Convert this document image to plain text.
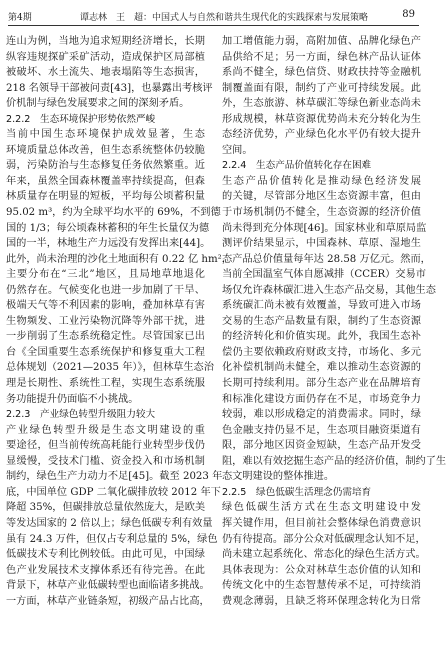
第4期	谭志林　王　超：中国式人与自然和谐共生现代化的实践探索与发展策略	89
连山为例，当地为追求短期经济增长，长期
纵容违规探矿采矿活动，造成保护区局部植
被破坏、水土流失、地表塌陷等生态损害，
218 名领导干部被问责[43]，也暴露出考核评
价机制与绿色发展要求之间的深刻矛盾。
2.2.2　生态环境保护形势依然严峻
当前中国生态环境保护成效显著，生态
环境质量总体改善，但生态系统整体仍较脆
弱，污染防治与生态修复任务依然繁重。近
年来，虽然全国森林覆盖率持续提高，但森
林质量存在明显的短板，平均每公顷蓄积量
95.02 m³，约为全球平均水平的 69%，不到德
国的 1/3；每公顷森林蓄积的年生长量仅为德
国的一半，林地生产力远没有发挥出来[44]。
此外，尚未治理的沙化土地面积有 0.22 亿 hm²，
主要分布在“三北”地区，且局地草地退化
仍然存在。气候变化也进一步加剧了干旱、
极端天气等不利因素的影响，叠加林草有害
生物频发、工业污染物沉降等外部干扰，进
一步削弱了生态系统稳定性。尽管国家已出
台《全国重要生态系统保护和修复重大工程
总体规划（2021—2035 年）》，但林草生态治
理是长期性、系统性工程，实现生态系统服
务功能提升仍面临不小挑战。
2.2.3　产业绿色转型升级阻力较大
产业绿色转型升级是生态文明建设的重
要途径，但当前传统高耗能行业转型步伐仍
显缓慢，受技术门槛、资金投入和市场机制
制约，绿色生产力动力不足[45]。截至 2023 年
底，中国单位 GDP 二氧化碳排放较 2012 年下
降超 35%，但碳排放总量依然庞大，是欧美
等发达国家的 2 倍以上；绿色低碳专利有效量
虽有 24.3 万件，但仅占专利总量的 5%，绿色
低碳技术专利比例较低。由此可见，中国绿
色产业发展技术支撑体系还有待完善。在此
背景下，林草产业低碳转型也面临诸多挑战。
一方面，林草产业链条短，初级产品占比高，
加工增值能力弱，高附加值、品牌化绿色产
品供给不足；另一方面，绿色林产品认证体
系尚不健全，绿色信贷、财政扶持等金融机
制覆盖面有限，制约了产业可持续发展。此
外，生态旅游、林草碳汇等绿色新业态尚未
形成规模，林草资源优势尚未充分转化为生
态经济优势，产业绿色化水平仍有较大提升
空间。
2.2.4　生态产品价值转化存在困难
生态产品价值转化是推动绿色经济发展
的关键，尽管部分地区生态资源丰富，但由
于市场机制仍不健全，生态资源的经济价值
尚未得到充分体现[46]。国家林业和草原局监
测评价结果显示，中国森林、草原、湿地生
态产品总价值量每年达 28.58 万亿元。然而，
当前全国温室气体自愿减排（CCER）交易市
场仅允许森林碳汇进入生态产品交易，其他生态
系统碳汇尚未被有效覆盖，导致可进入市场
交易的生态产品数量有限，制约了生态资源
的经济转化和价值实现。此外，我国生态补
偿仍主要依赖政府财政支持，市场化、多元
化补偿机制尚未健全，难以推动生态资源的
长期可持续利用。部分生态产业在品牌培育
和标准化建设方面仍存在不足，市场竞争力
较弱，难以形成稳定的消费需求。同时，绿
色金融支持仍显不足，生态项目融资渠道有
限，部分地区因资金短缺，生态产品开发受
阻，难以有效挖掘生态产品的经济价值，制约了生
态文明建设的整体推进。
2.2.5　绿色低碳生活理念仍需培育
绿色低碳生活方式在生态文明建设中发
挥关键作用，但目前社会整体绿色消费意识
仍有待提高。部分公众对低碳理念认知不足，
尚未建立起系统化、常态化的绿色生活方式。
具体表现为：公众对林草生态价值的认知和
传统文化中的生态智慧传承不足，可持续消
费观念薄弱，且缺乏将环保理念转化为日常
